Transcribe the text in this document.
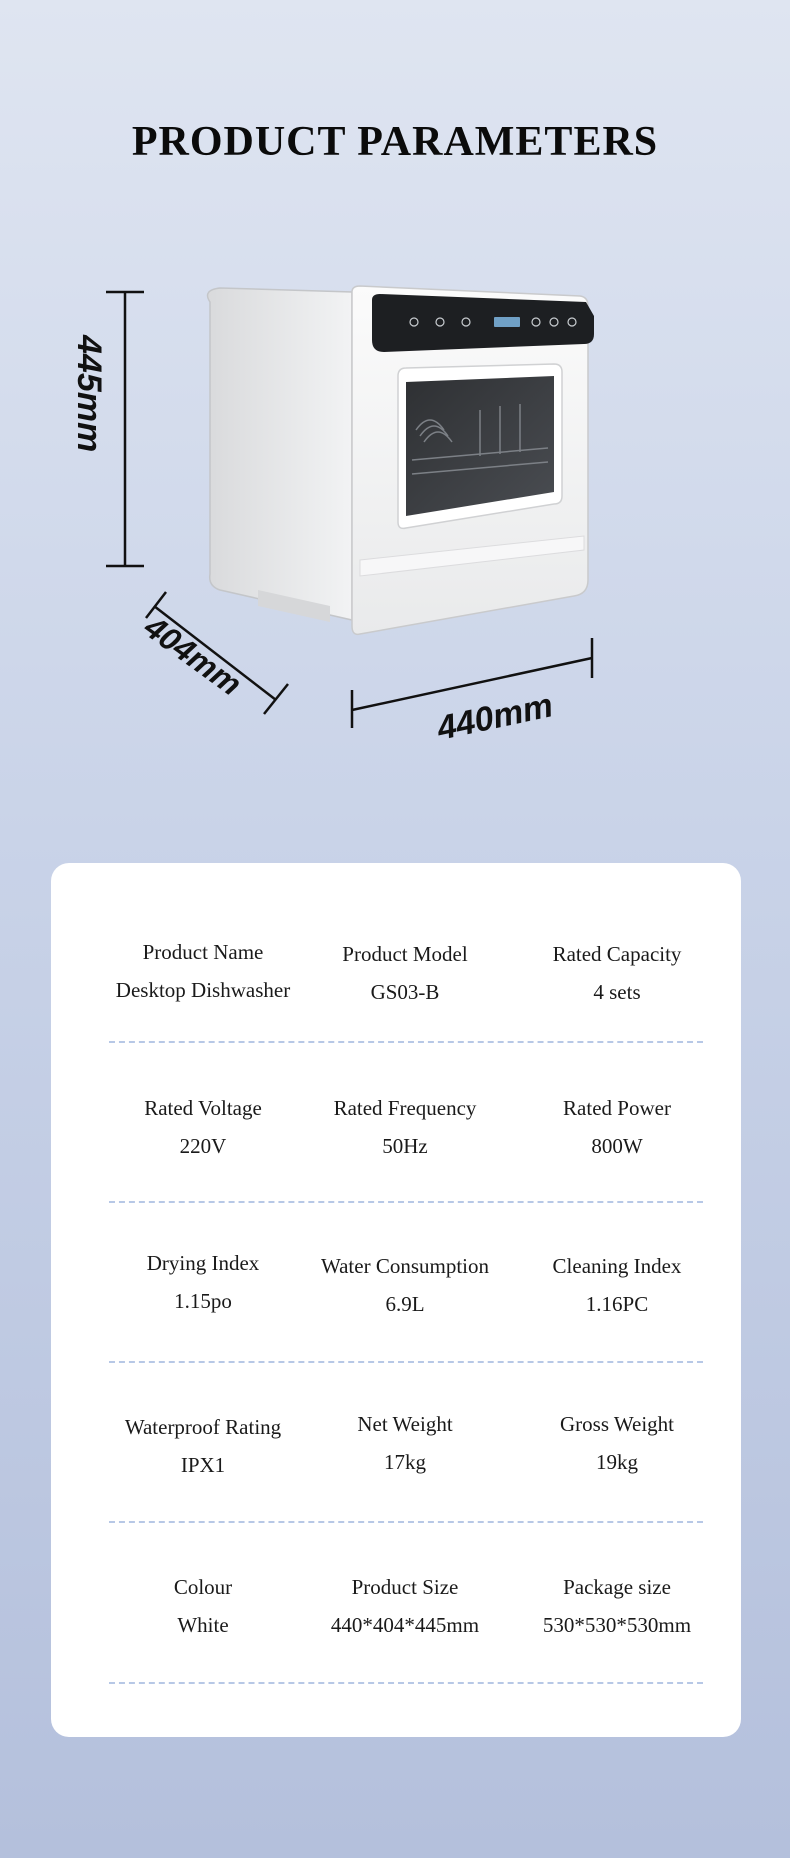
PRODUCT PARAMETERS
445mm
404mm
440mm
Product Name
Desktop Dishwasher
Product Model
GS03-B
Rated Capacity
4 sets
Rated Voltage
220V
Rated Frequency
50Hz
Rated Power
800W
Drying Index
1.15po
Water Consumption
6.9L
Cleaning Index
1.16PC
Waterproof Rating
IPX1
Net Weight
17kg
Gross Weight
19kg
Colour
White
Product Size
440*404*445mm
Package size
530*530*530mm
